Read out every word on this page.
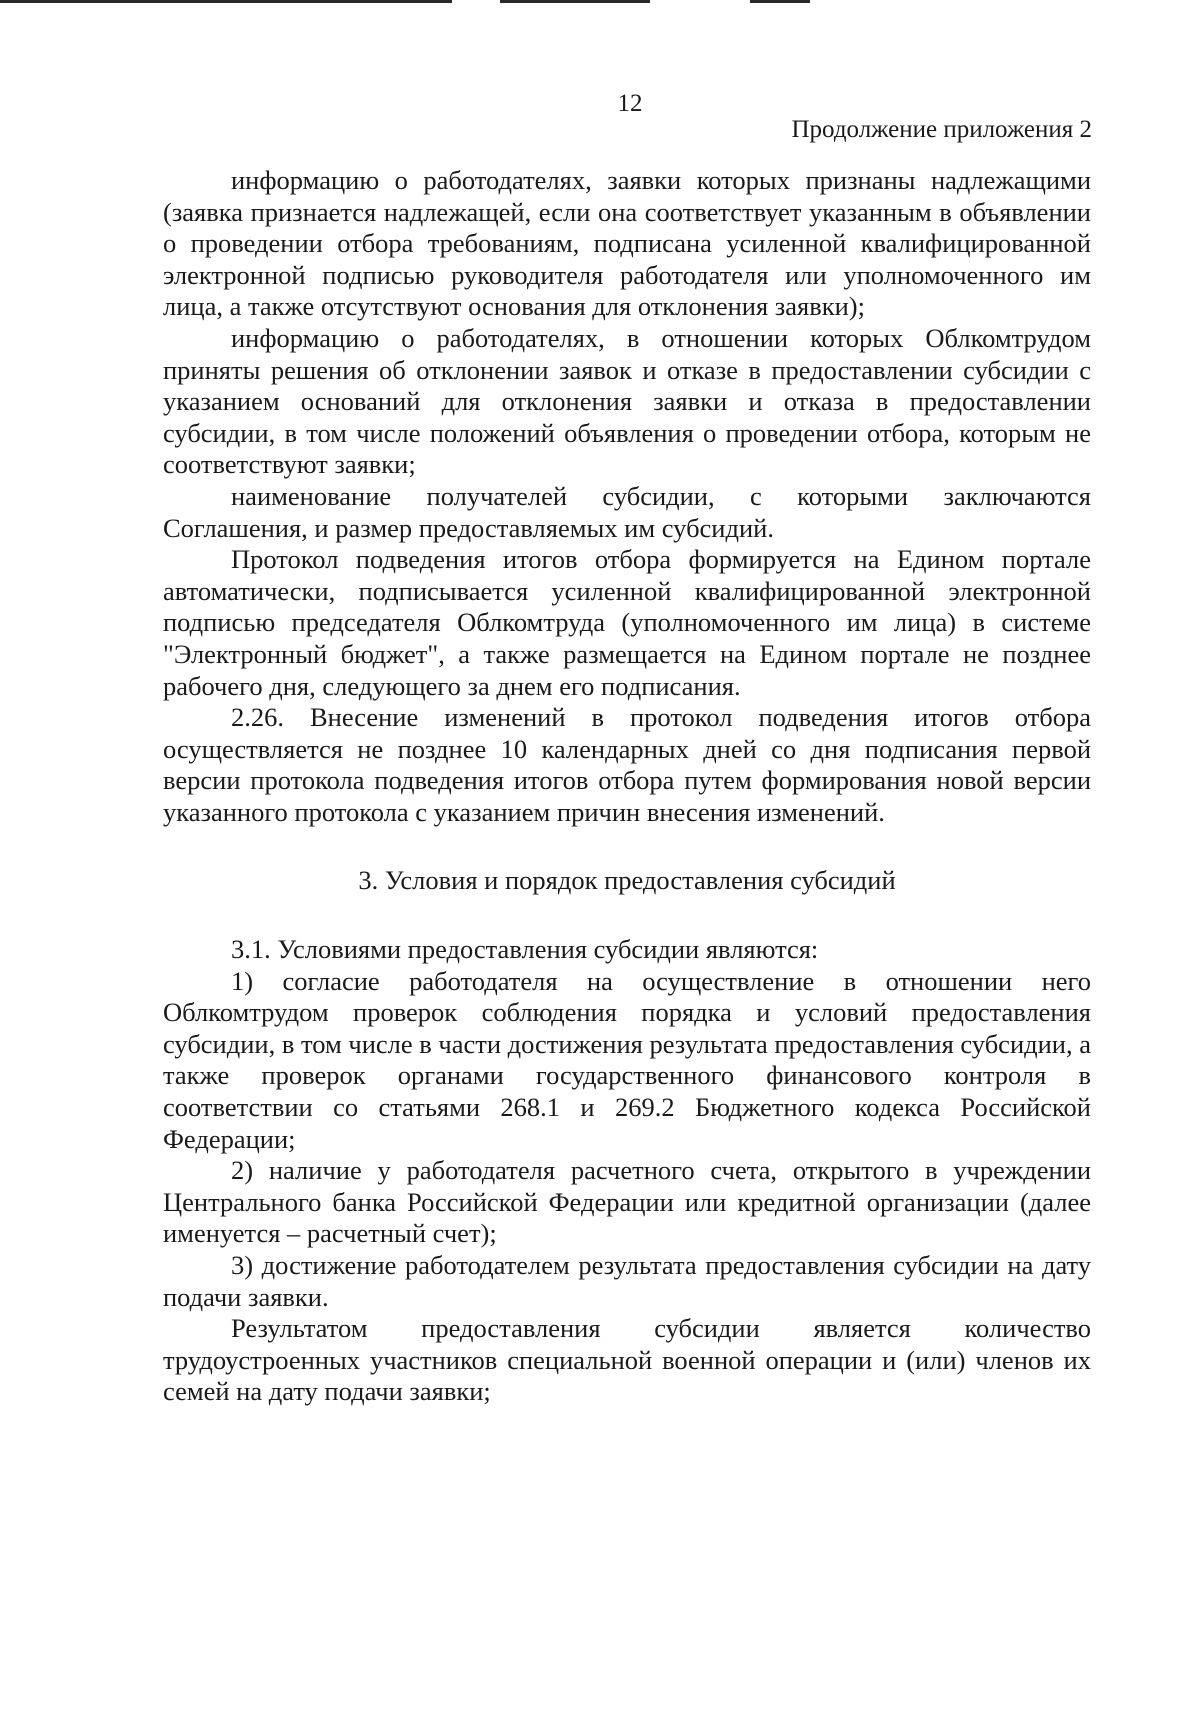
12
Продолжение приложения 2

информацию о работодателях, заявки которых признаны надлежащими (заявка признается надлежащей, если она соответствует указанным в объявлении о проведении отбора требованиям, подписана усиленной квалифицированной электронной подписью руководителя работодателя или уполномоченного им лица, а также отсутствуют основания для отклонения заявки);

информацию о работодателях, в отношении которых Облкомтрудом приняты решения об отклонении заявок и отказе в предоставлении субсидии с указанием оснований для отклонения заявки и отказа в предоставлении субсидии, в том числе положений объявления о проведении отбора, которым не соответствуют заявки;

наименование получателей субсидии, с которыми заключаются Соглашения, и размер предоставляемых им субсидий.

Протокол подведения итогов отбора формируется на Едином портале автоматически, подписывается усиленной квалифицированной электронной подписью председателя Облкомтруда (уполномоченного им лица) в системе "Электронный бюджет", а также размещается на Едином портале не позднее рабочего дня, следующего за днем его подписания.

2.26. Внесение изменений в протокол подведения итогов отбора осуществляется не позднее 10 календарных дней со дня подписания первой версии протокола подведения итогов отбора путем формирования новой версии указанного протокола с указанием причин внесения изменений.

3. Условия и порядок предоставления субсидий

3.1. Условиями предоставления субсидии являются:

1) согласие работодателя на осуществление в отношении него Облкомтрудом проверок соблюдения порядка и условий предоставления субсидии, в том числе в части достижения результата предоставления субсидии, а также проверок органами государственного финансового контроля в соответствии со статьями 268.1 и 269.2 Бюджетного кодекса Российской Федерации;

2) наличие у работодателя расчетного счета, открытого в учреждении Центрального банка Российской Федерации или кредитной организации (далее именуется – расчетный счет);

3) достижение работодателем результата предоставления субсидии на дату подачи заявки.

Результатом предоставления субсидии является количество трудоустроенных участников специальной военной операции и (или) членов их семей на дату подачи заявки;
